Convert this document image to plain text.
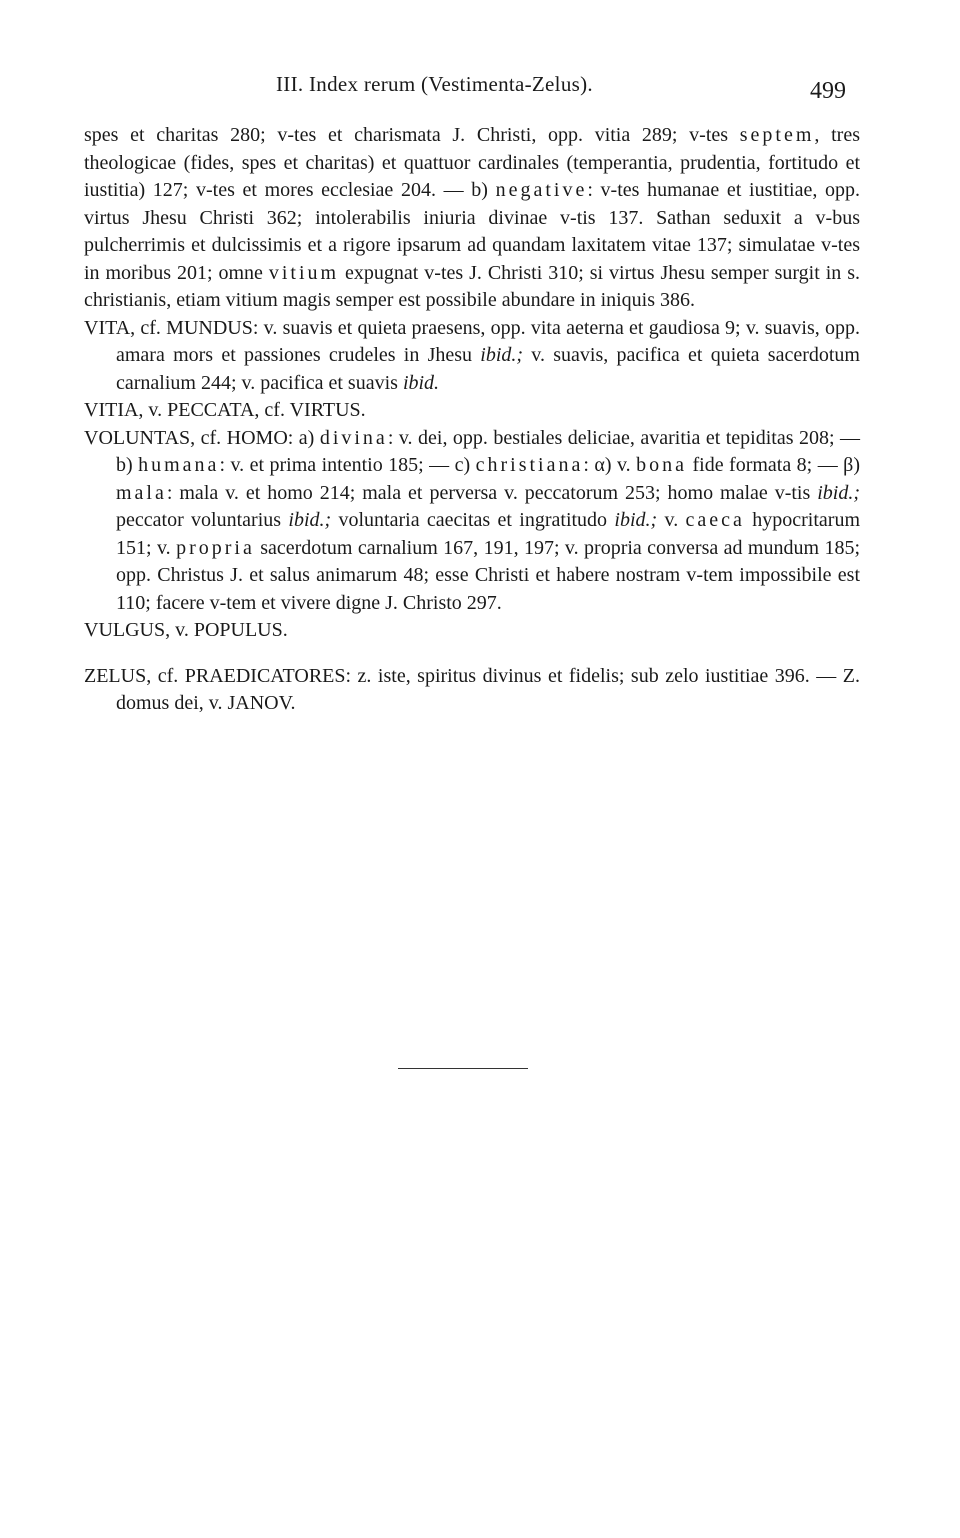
III. Index rerum (Vestimenta-Zelus).	499

spes et charitas 280; v-tes et charismata J. Christi, opp. vitia 289; v-tes septem, tres theologicae (fides, spes et charitas) et quattuor cardinales (temperantia, prudentia, fortitudo et iustitia) 127; v-tes et mores ecclesiae 204. — b) negative: v-tes humanae et iustitiae, opp. virtus Jhesu Christi 362; intolerabilis iniuria divinae v-tis 137. Sathan seduxit a v-bus pulcherrimis et dulcissimis et a rigore ipsarum ad quandam laxitatem vitae 137; simulatae v-tes in moribus 201; omne vitium expugnat v-tes J. Christi 310; si virtus Jhesu semper surgit in s. christianis, etiam vitium magis semper est possibile abundare in iniquis 386.

VITA, cf. MUNDUS: v. suavis et quieta praesens, opp. vita aeterna et gaudiosa 9; v. suavis, opp. amara mors et passiones crudeles in Jhesu ibid.; v. suavis, pacifica et quieta sacerdotum carnalium 244; v. pacifica et suavis ibid.

VITIA, v. PECCATA, cf. VIRTUS.

VOLUNTAS, cf. HOMO: a) divina: v. dei, opp. bestiales deliciae, avaritia et tepiditas 208; — b) humana: v. et prima intentio 185; — c) christiana: α) v. bona fide formata 8; — β) mala: mala v. et homo 214; mala et perversa v. peccatorum 253; homo malae v-tis ibid.; peccator voluntarius ibid.; voluntaria caecitas et ingratitudo ibid.; v. caeca hypocritarum 151; v. propria sacerdotum carnalium 167, 191, 197; v. propria conversa ad mundum 185; opp. Christus J. et salus animarum 48; esse Christi et habere nostram v-tem impossibile est 110; facere v-tem et vivere digne J. Christo 297.

VULGUS, v. POPULUS.

ZELUS, cf. PRAEDICATORES: z. iste, spiritus divinus et fidelis; sub zelo iustitiae 396. — Z. domus dei, v. JANOV.
